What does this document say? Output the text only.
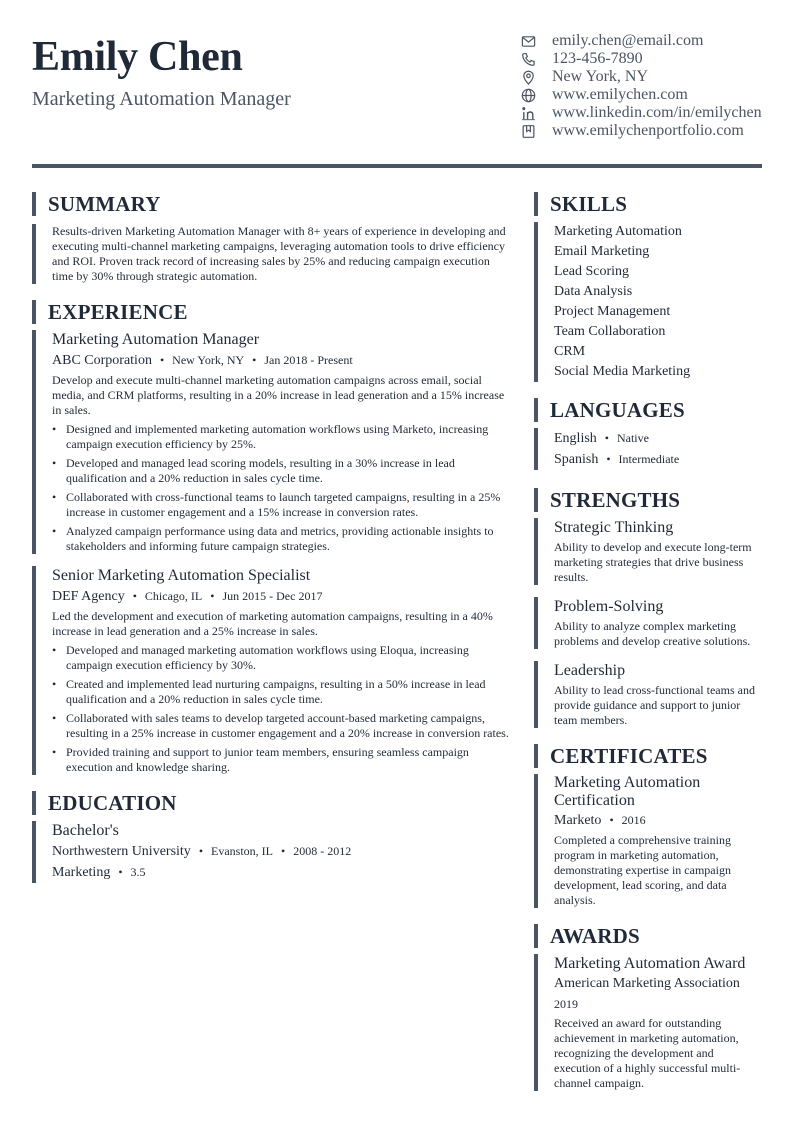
Emily Chen
Marketing Automation Manager
emily.chen@email.com
123-456-7890
New York, NY
www.emilychen.com
www.linkedin.com/in/emilychen
www.emilychenportfolio.com
SUMMARY

Results-driven Marketing Automation Manager with 8+ years of experience in developing and executing multi-channel marketing campaigns, leveraging automation tools to drive efficiency and ROI. Proven track record of increasing sales by 25% and reducing campaign execution time by 30% through strategic automation.

EXPERIENCE
Marketing Automation Manager
ABC Corporation • New York, NY • Jan 2018 - Present

Develop and execute multi-channel marketing automation campaigns across email, social media, and CRM platforms, resulting in a 20% increase in lead generation and a 15% increase in sales.

• Designed and implemented marketing automation workflows using Marketo, increasing campaign execution efficiency by 25%.
• Developed and managed lead scoring models, resulting in a 30% increase in lead qualification and a 20% reduction in sales cycle time.
• Collaborated with cross-functional teams to launch targeted campaigns, resulting in a 25% increase in customer engagement and a 15% increase in conversion rates.
• Analyzed campaign performance using data and metrics, providing actionable insights to stakeholders and informing future campaign strategies.
Senior Marketing Automation Specialist
DEF Agency • Chicago, IL • Jun 2015 - Dec 2017

Led the development and execution of marketing automation campaigns, resulting in a 40% increase in lead generation and a 25% increase in sales.

• Developed and managed marketing automation workflows using Eloqua, increasing campaign execution efficiency by 30%.
• Created and implemented lead nurturing campaigns, resulting in a 50% increase in lead qualification and a 20% reduction in sales cycle time.
• Collaborated with sales teams to develop targeted account-based marketing campaigns, resulting in a 25% increase in customer engagement and a 20% increase in conversion rates.
• Provided training and support to junior team members, ensuring seamless campaign execution and knowledge sharing.
EDUCATION
Bachelor's
Northwestern University • Evanston, IL • 2008 - 2012
Marketing • 3.5
SKILLS
Marketing Automation
Email Marketing
Lead Scoring
Data Analysis
Project Management
Team Collaboration
CRM
Social Media Marketing
LANGUAGES
English • Native
Spanish • Intermediate
STRENGTHS
Strategic Thinking

Ability to develop and execute long-term marketing strategies that drive business results.

Problem-Solving

Ability to analyze complex marketing problems and develop creative solutions.

Leadership

Ability to lead cross-functional teams and provide guidance and support to junior team members.

CERTIFICATES
Marketing Automation Certification
Marketo • 2016

Completed a comprehensive training program in marketing automation, demonstrating expertise in campaign development, lead scoring, and data analysis.

AWARDS
Marketing Automation Award
American Marketing Association
2019

Received an award for outstanding achievement in marketing automation, recognizing the development and execution of a highly successful multi-channel campaign.
